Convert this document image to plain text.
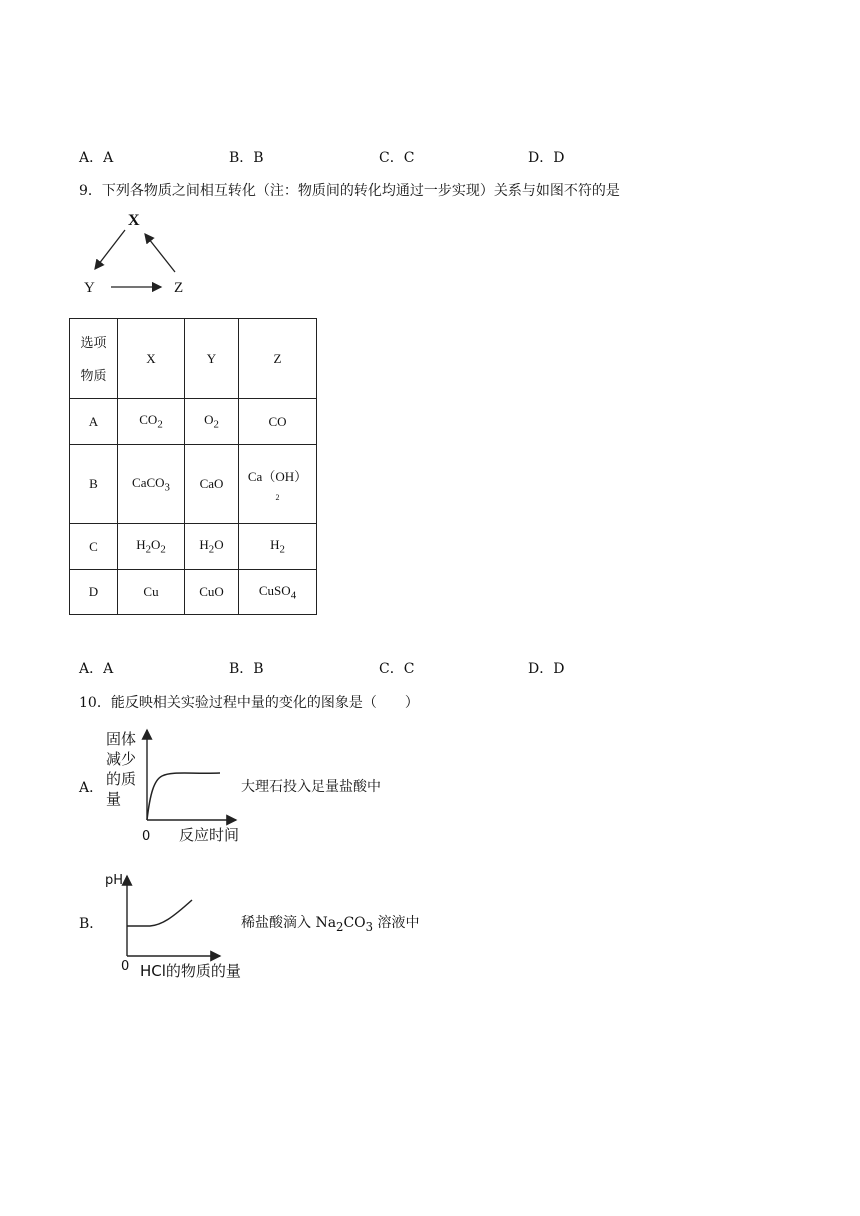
A．A	B．B	C．C	D．D
9．下列各物质之间相互转化（注：物质间的转化均通过一步实现）关系与如图不符的是
X
Y	Z
选项
物质	X	Y	Z
A	$CO_2$	$O_2$	CO
B	CaCO$_3$	CaO	Ca（OH）
2

C	$H_2O_2$	$H_2O$	$H_2$
D	Cu	CuO	CuSO$_4$
A．A	B．B	C．C	D．D
10．能反映相关实验过程中量的变化的图象是（　　）
A．
固体
减少
的质
量
0 反应时间
大理石投入足量盐酸中
B．
pH
0 HCl的物质的量
稀盐酸滴入 $Na_2CO_3$ 溶液中
